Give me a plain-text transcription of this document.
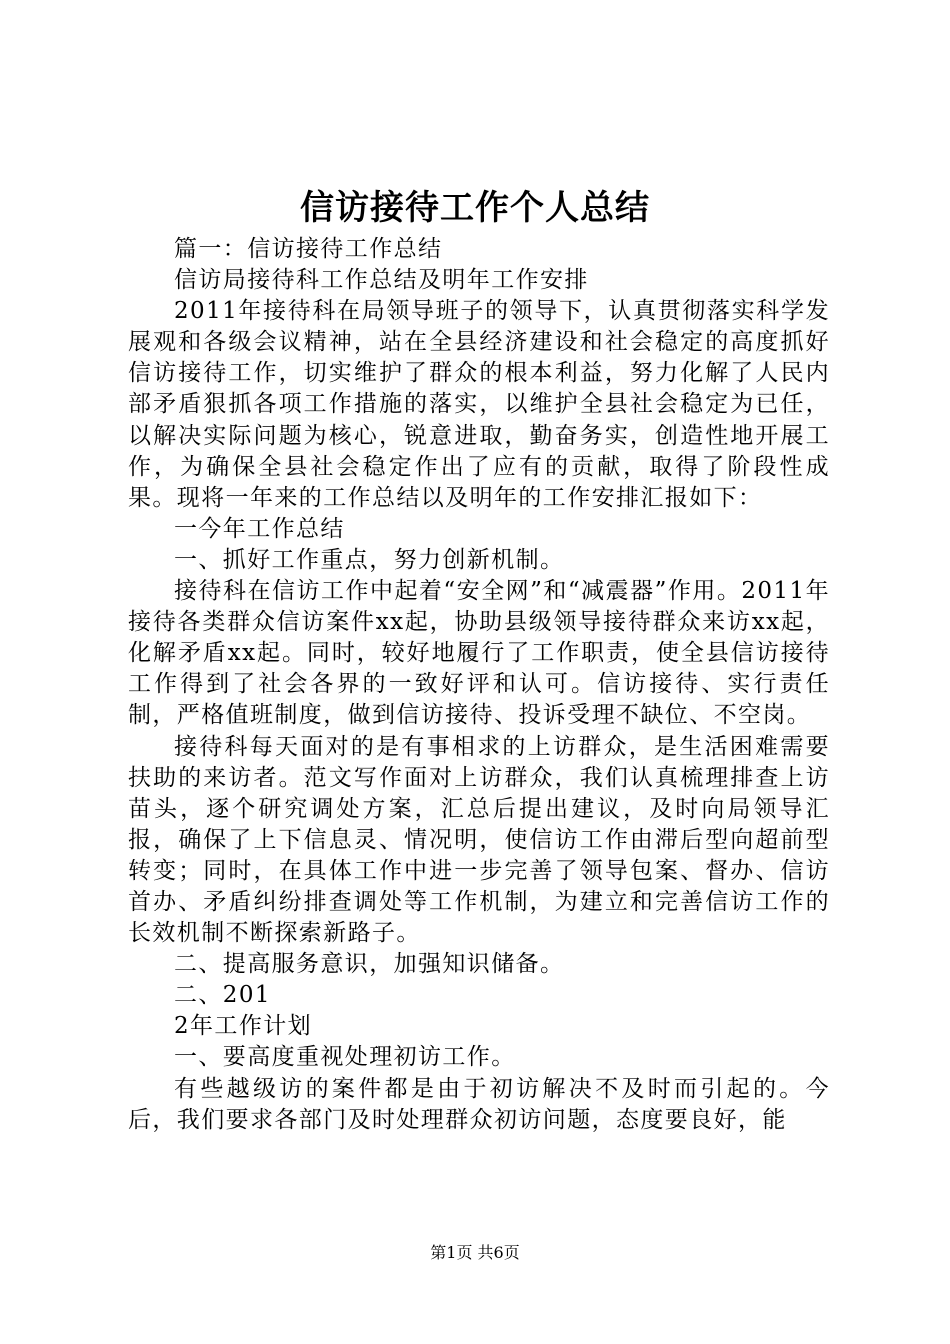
信访接待工作个人总结

篇一：信访接待工作总结

信访局接待科工作总结及明年工作安排

2011年接待科在局领导班子的领导下，认真贯彻落实科学发展观和各级会议精神，站在全县经济建设和社会稳定的高度抓好信访接待工作，切实维护了群众的根本利益，努力化解了人民内部矛盾狠抓各项工作措施的落实，以维护全县社会稳定为已任，以解决实际问题为核心，锐意进取，勤奋务实，创造性地开展工作，为确保全县社会稳定作出了应有的贡献，取得了阶段性成果。现将一年来的工作总结以及明年的工作安排汇报如下：

一今年工作总结

一、抓好工作重点，努力创新机制。

接待科在信访工作中起着“安全网”和“减震器”作用。2011年接待各类群众信访案件xx起，协助县级领导接待群众来访xx起，化解矛盾xx起。同时，较好地履行了工作职责，使全县信访接待工作得到了社会各界的一致好评和认可。信访接待、实行责任制，严格值班制度，做到信访接待、投诉受理不缺位、不空岗。

接待科每天面对的是有事相求的上访群众，是生活困难需要扶助的来访者。范文写作面对上访群众，我们认真梳理排查上访苗头，逐个研究调处方案，汇总后提出建议，及时向局领导汇报，确保了上下信息灵、情况明，使信访工作由滞后型向超前型转变；同时，在具体工作中进一步完善了领导包案、督办、信访首办、矛盾纠纷排查调处等工作机制，为建立和完善信访工作的长效机制不断探索新路子。

二、提高服务意识，加强知识储备。

二、201

2年工作计划

一、要高度重视处理初访工作。

有些越级访的案件都是由于初访解决不及时而引起的。今后，我们要求各部门及时处理群众初访问题，态度要良好，能

第1页 共6页
